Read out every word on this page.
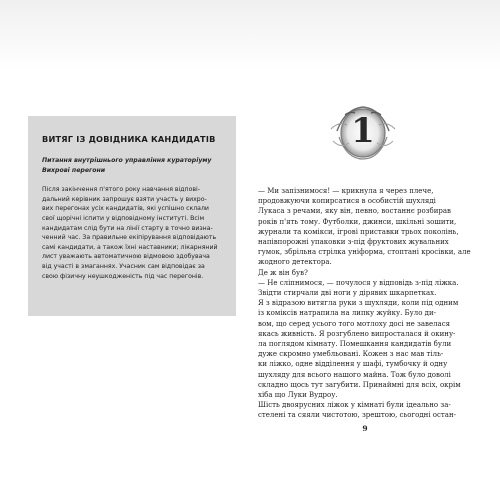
ВИТЯГ ІЗ ДОВІДНИКА КАНДИДАТІВ

Питання внутрішнього управління кураторіуму
Вихрові перегони

Після закінчення п'ятого року навчання відпові-
дальний керівник запрошує взяти участь у вихро-
вих перегонах усіх кандидатів, які успішно склали
свої щорічні іспити у відповідному інституті. Всім
кандидатам слід бути на лінії старту в точно визна-
ченний час. За правильне екіпірування відповідають
самі кандидати, а також їхні наставники; лікарняний
лист уважають автоматичною відмовою здобувача
від участі в змаганнях. Учасник сам відповідає за
свою фізичну неушкодженість під час перегонів.

1

— Ми запізнимося! — крикнула я через плече,
продовжуючи копирсатися в особистій шухляді
Лукаса з речами, яку він, певно, востаннє розбирав
років п'ять тому. Футболки, джинси, шкільні зошити,
журнали та комікси, ігрові приставки трьох поколінь,
напівпорожні упаковки з-під фруктових жувальних
гумок, збрільна стрілка уніформа, стоптані кросівки, але
жодного детектора.
Де ж він був?
— Не сліпнимося, — почулося у відповідь з-під ліжка.
Звідти стирчали дві ноги у дірявих шкарпетках.
Я з відразою витягла руки з шухляди, коли під одним
із коміксів натрапила на липку жуйку. Було ди-
вом, що серед усього того мотлоху досі не завелася
якась живність. Я розгублено випросталася й окину-
ла поглядом кімнату. Помешкання кандидатів були
дуже скромно умебльовані. Кожен з нас мав тіль-
ки ліжко, одне відділення у шафі, тумбочку й одну
шухляду для всього нашого майна. Тож було доволі
складно щось тут загубити. Принаймні для всіх, окрім
хіба що Луки Вудроу.
Шість двоярусних ліжок у кімнаті були ідеально за-
стелені та сяяли чистотою, зрештою, сьогодні остан-

9
